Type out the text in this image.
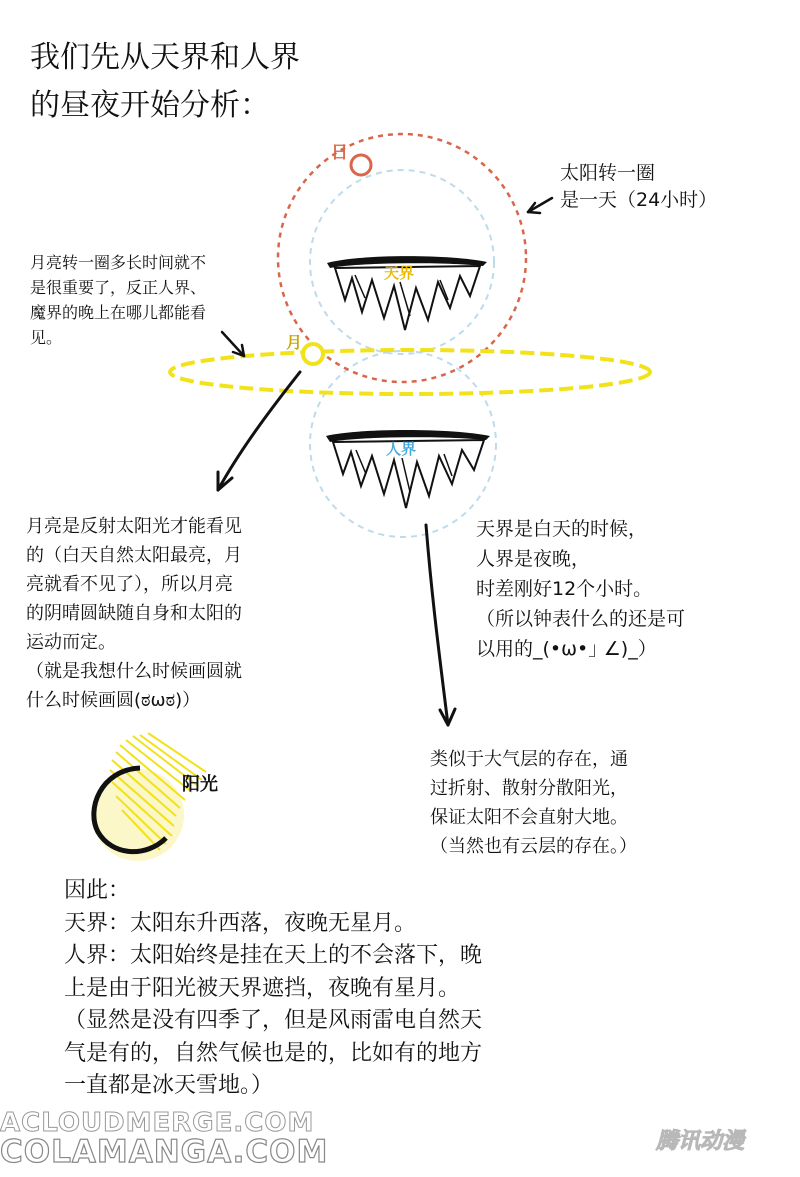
我们先从天界和人界
的昼夜开始分析：
日
月
天界
人界
阳光
太阳转一圈
是一天（24小时）
月亮转一圈多长时间就不
是很重要了，反正人界、
魔界的晚上在哪儿都能看
见。
月亮是反射太阳光才能看见
的（白天自然太阳最亮，月
亮就看不见了），所以月亮
的阴晴圆缺随自身和太阳的
运动而定。
（就是我想什么时候画圆就
什么时候画圆(ಠωಠ)）
天界是白天的时候，
人界是夜晚，
时差刚好12个小时。
（所以钟表什么的还是可
以用的_(•ω•｣ ∠)_）
类似于大气层的存在，通
过折射、散射分散阳光，
保证太阳不会直射大地。
（当然也有云层的存在。）
因此：
天界：太阳东升西落，夜晚无星月。
人界：太阳始终是挂在天上的不会落下，晚
上是由于阳光被天界遮挡，夜晚有星月。
（显然是没有四季了，但是风雨雷电自然天
气是有的，自然气候也是的，比如有的地方
一直都是冰天雪地。）
ACLOUDMERGE.COM
COLAMANGA.COM	腾讯动漫
